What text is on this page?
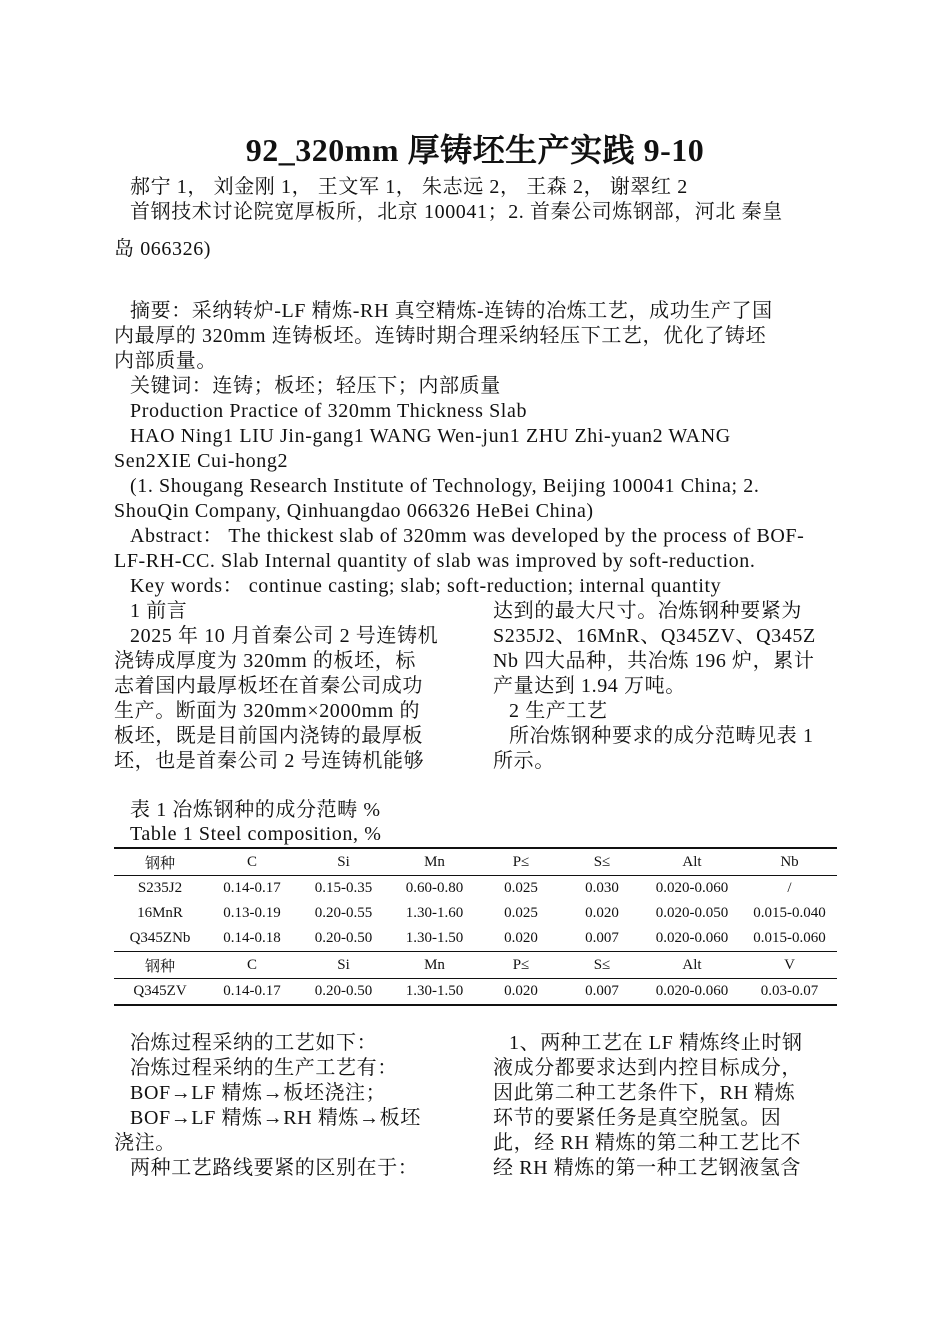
92_320mm 厚铸坯生产实践 9-10
郝宁 1， 刘金刚 1， 王文军 1， 朱志远 2， 王森 2， 谢翠红 2
首钢技术讨论院宽厚板所，北京 100041；2. 首秦公司炼钢部，河北 秦皇
岛 066326)
摘要：采纳转炉-LF 精炼-RH 真空精炼-连铸的冶炼工艺，成功生产了国
内最厚的 320mm 连铸板坯。连铸时期合理采纳轻压下工艺，优化了铸坯
内部质量。
关键词：连铸；板坯；轻压下；内部质量
Production Practice of 320mm Thickness Slab
HAO Ning1 LIU Jin-gang1 WANG Wen-jun1 ZHU Zhi-yuan2 WANG
Sen2XIE Cui-hong2
(1. Shougang Research Institute of Technology, Beijing 100041 China; 2.
ShouQin Company, Qinhuangdao 066326 HeBei China)
Abstract： The thickest slab of 320mm was developed by the process of BOF-
LF-RH-CC. Slab Internal quantity of slab was improved by soft-reduction.
Key words： continue casting; slab; soft-reduction; internal quantity

1 前言

2025 年 10 月首秦公司 2 号连铸机

浇铸成厚度为 320mm 的板坯，标

志着国内最厚板坯在首秦公司成功

生产。断面为 320mm×2000mm 的

板坯，既是目前国内浇铸的最厚板

坯，也是首秦公司 2 号连铸机能够

达到的最大尺寸。冶炼钢种要紧为

S235J2、16MnR、Q345ZV、Q345Z

Nb 四大品种，共冶炼 196 炉，累计

产量达到 1.94 万吨。

2 生产工艺

所冶炼钢种要求的成分范畴见表 1

所示。

表 1 冶炼钢种的成分范畴 %
Table 1 Steel composition, %
钢种	C	Si	Mn	P≤	S≤	Alt	Nb
S235J2	0.14-0.17	0.15-0.35	0.60-0.80	0.025	0.030	0.020-0.060	/
16MnR	0.13-0.19	0.20-0.55	1.30-1.60	0.025	0.020	0.020-0.050	0.015-0.040
Q345ZNb	0.14-0.18	0.20-0.50	1.30-1.50	0.020	0.007	0.020-0.060	0.015-0.060
钢种	C	Si	Mn	P≤	S≤	Alt	V
Q345ZV	0.14-0.17	0.20-0.50	1.30-1.50	0.020	0.007	0.020-0.060	0.03-0.07

冶炼过程采纳的工艺如下：

冶炼过程采纳的生产工艺有：

BOF→LF 精炼→板坯浇注；

BOF→LF 精炼→RH 精炼→板坯

浇注。

两种工艺路线要紧的区别在于：

1、两种工艺在 LF 精炼终止时钢

液成分都要求达到内控目标成分，

因此第二种工艺条件下，RH 精炼

环节的要紧任务是真空脱氢。因

此，经 RH 精炼的第二种工艺比不

经 RH 精炼的第一种工艺钢液氢含
